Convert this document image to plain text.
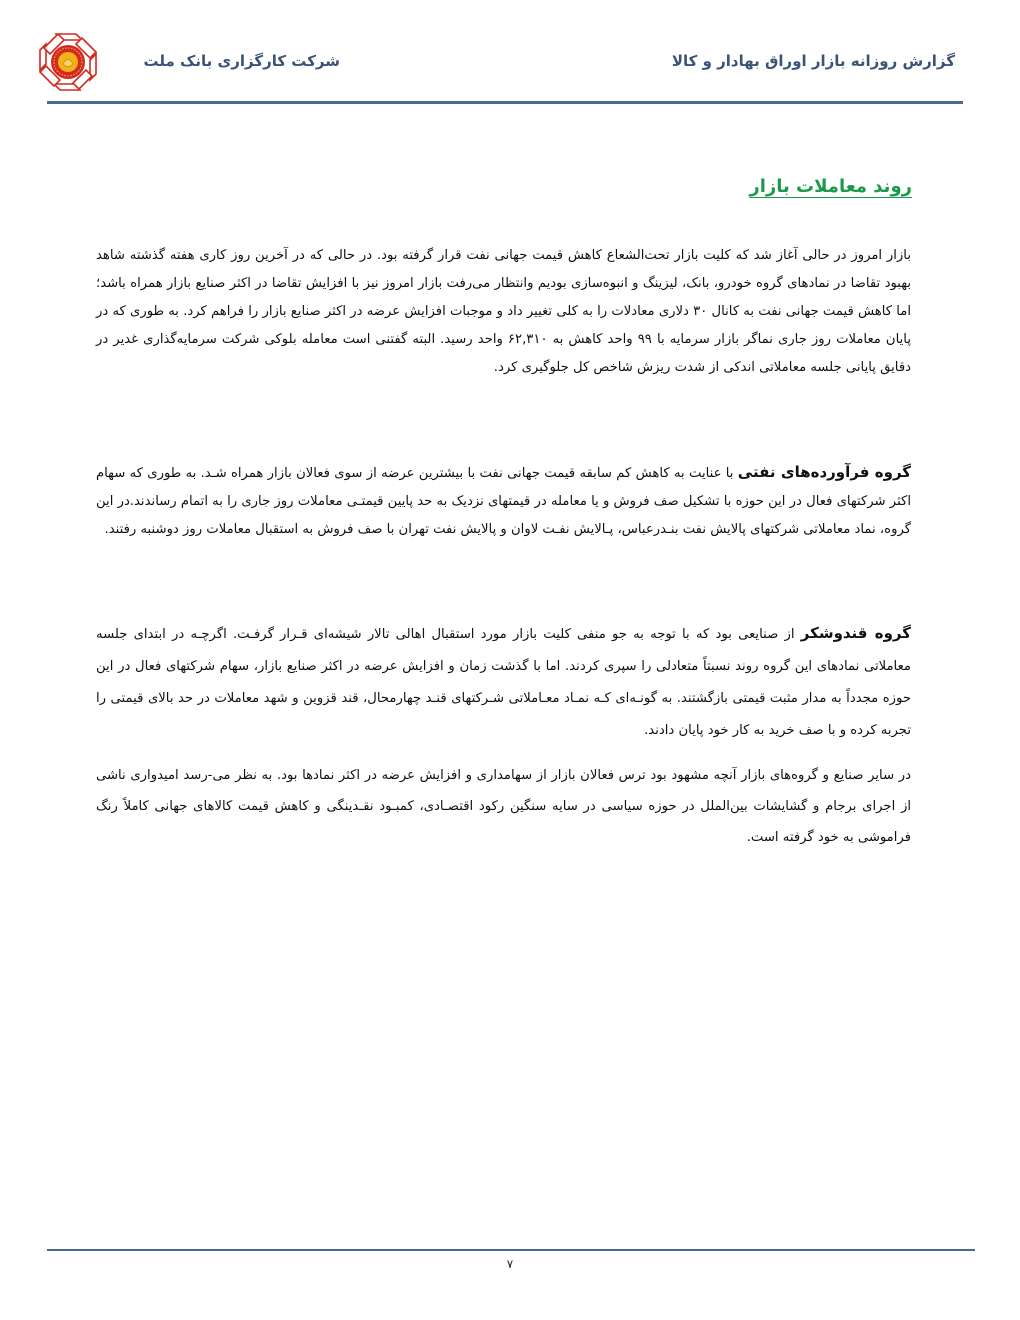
شرکت کارگزاری بانک ملت	گزارش روزانه بازار اوراق بهادار و کالا
روند معاملات بازار

بازار امروز در حالی آغاز شد که کلیت بازار تحت‌الشعاع کاهش قیمت جهانی نفت قرار گرفته بود. در حالی که در آخرین روز کاری هفته گذشته شاهد بهبود تقاضا در نمادهای گروه خودرو، بانک، لیزینگ و انبوه‌سازی بودیم وانتظار می‌رفت بازار امروز نیز با افزایش تقاضا در اکثر صنایع بازار همراه باشد؛ اما کاهش قیمت جهانی نفت به کانال ۳۰ دلاری معادلات را به کلی تغییر داد و موجبات افزایش عرضه در اکثر صنایع بازار را فراهم کرد. به طوری که در پایان معاملات روز جاری نماگر بازار سرمایه با ۹۹ واحد کاهش به ۶۲,۳۱۰ واحد رسید. البته گفتنی است معامله بلوکی شرکت سرمایه‌گذاری غدیر در دقایق پایانی جلسه معاملاتی اندکی از شدت ریزش شاخص کل جلوگیری کرد.

گروه فرآورده‌های نفتی با عنایت به کاهش کم سابقه قیمت جهانی نفت با بیشترین عرضه از سوی فعالان بازار همراه شـد. به طوری که سهام اکثر شرکتهای فعال در این حوزه با تشکیل صف فروش و یا معامله در قیمتهای نزدیک به حد پایین قیمتـی معاملات روز جاری را به اتمام رساندند.در این گروه، نماد معاملاتی شرکتهای پالایش نفت بنـدرعباس، پـالایش نفـت لاوان و پالایش نفت تهران با صف فروش به استقبال معاملات روز دوشنبه رفتند.

گروه قندوشکر از صنایعی بود که با توجه به جو منفی کلیت بازار مورد استقبال اهالی تالار شیشه‌ای قـرار گرفـت. اگرچـه در ابتدای جلسه معاملاتی نمادهای این گروه روند نسبتاً متعادلی را سپری کردند. اما با گذشت زمان و افزایش عرضه در اکثر صنایع بازار، سهام شرکتهای فعال در این حوزه مجدداً به مدار مثبت قیمتی بازگشتند. به گونـه‌ای کـه نمـاد معـاملاتی شـرکتهای قنـد چهارمحال، قند قزوین و شهد معاملات در حد بالای قیمتی را تجربه کرده و با صف خرید به کار خود پایان دادند.

در سایر صنایع و گروه‌های بازار آنچه مشهود بود ترس فعالان بازار از سهامداری و افزایش عرضه در اکثر نمادها بود. به نظر می-رسد امیدواری ناشی از اجرای برجام و گشایشات بین‌الملل در حوزه سیاسی در سایه سنگین رکود اقتصـادی، کمبـود نقـدینگی و کاهش قیمت کالاهای جهانی کاملاً رنگ فراموشی به خود گرفته است.

۷
